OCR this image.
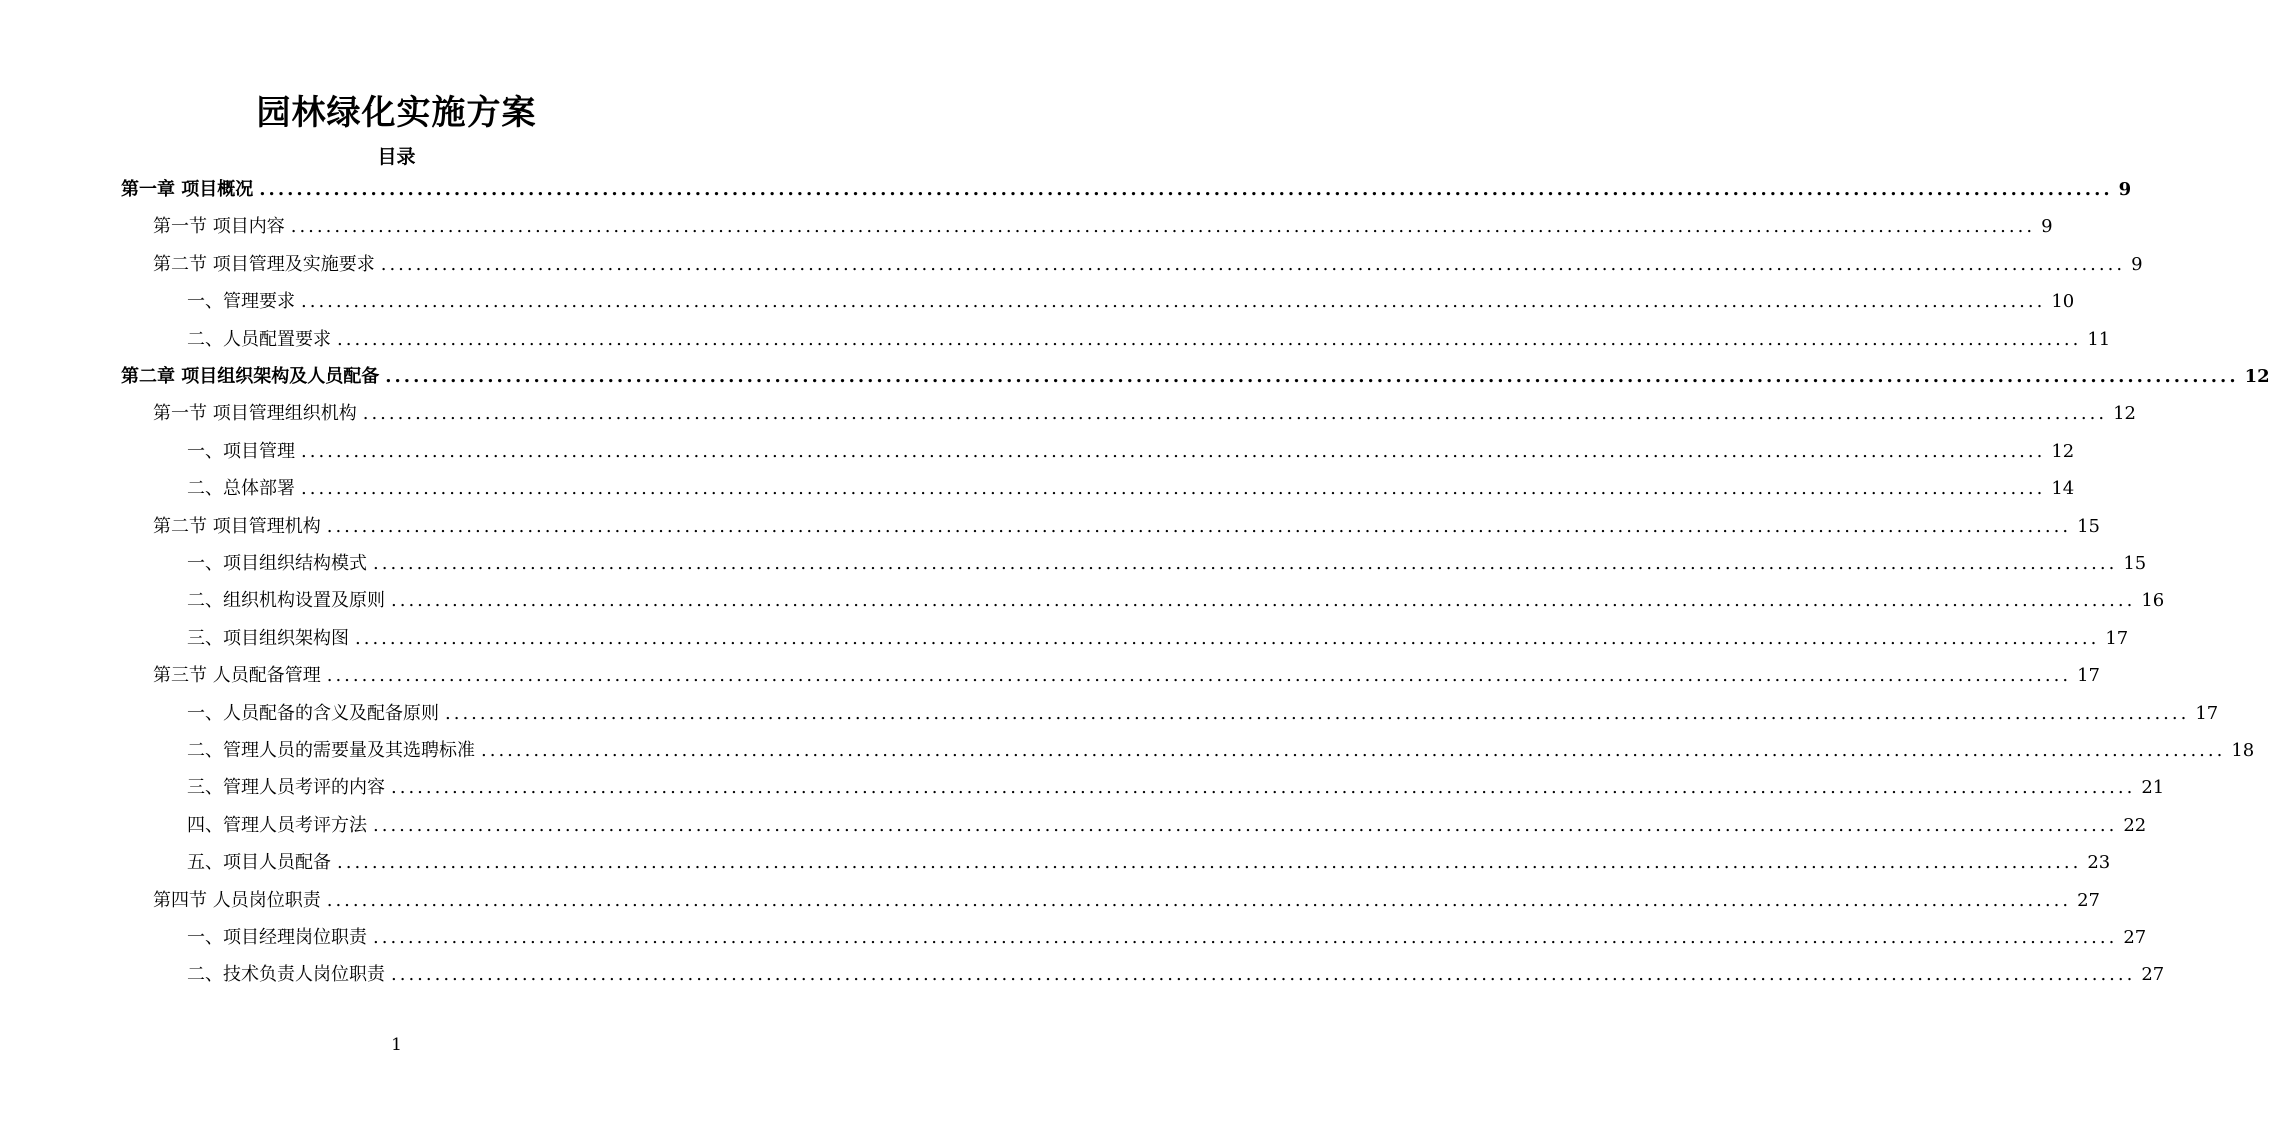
园林绿化实施方案
目录
第一章 项目概况 ........................................................................................................................................................................................................ 9
第一节 项目内容 ........................................................................................................................................................................................................ 9
第二节 项目管理及实施要求 ........................................................................................................................................................................................................ 9
一、管理要求 ........................................................................................................................................................................................................ 10
二、人员配置要求 ........................................................................................................................................................................................................ 11
第二章 项目组织架构及人员配备 ........................................................................................................................................................................................................ 12
第一节 项目管理组织机构 ........................................................................................................................................................................................................ 12
一、项目管理 ........................................................................................................................................................................................................ 12
二、总体部署 ........................................................................................................................................................................................................ 14
第二节 项目管理机构 ........................................................................................................................................................................................................ 15
一、项目组织结构模式 ........................................................................................................................................................................................................ 15
二、组织机构设置及原则 ........................................................................................................................................................................................................ 16
三、项目组织架构图 ........................................................................................................................................................................................................ 17
第三节 人员配备管理 ........................................................................................................................................................................................................ 17
一、人员配备的含义及配备原则 ........................................................................................................................................................................................................ 17
二、管理人员的需要量及其选聘标准 ........................................................................................................................................................................................................ 18
三、管理人员考评的内容 ........................................................................................................................................................................................................ 21
四、管理人员考评方法 ........................................................................................................................................................................................................ 22
五、项目人员配备 ........................................................................................................................................................................................................ 23
第四节 人员岗位职责 ........................................................................................................................................................................................................ 27
一、项目经理岗位职责 ........................................................................................................................................................................................................ 27
二、技术负责人岗位职责 ........................................................................................................................................................................................................ 27
1
